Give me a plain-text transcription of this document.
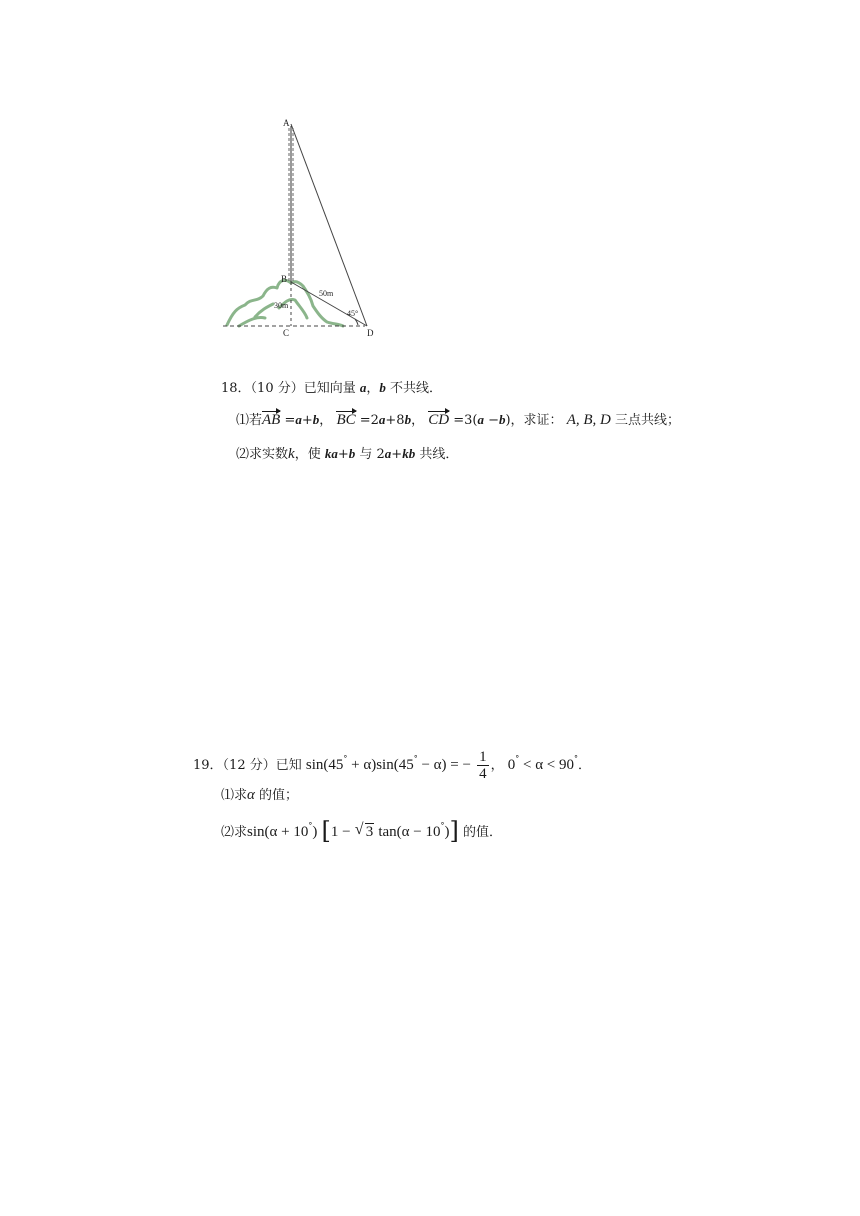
A
B
C	D
50m
30m
45°
18．（10 分）已知向量 a，b 不共线．
⑴若AB =a+b， BC =2a+8b， CD =3(a −b)，求证： A, B, D 三点共线；
⑵求实数k，使 ka+b 与 2a+kb 共线．
19．（12 分）已知 sin(45° + α)sin(45° − α) = − $\frac{1}{4}$ ， 0° < α < 90°．
⑴求α 的值；
⑵求sin(α + 10°) [1 − √ 3 tan(α − 10°)] 的值．
